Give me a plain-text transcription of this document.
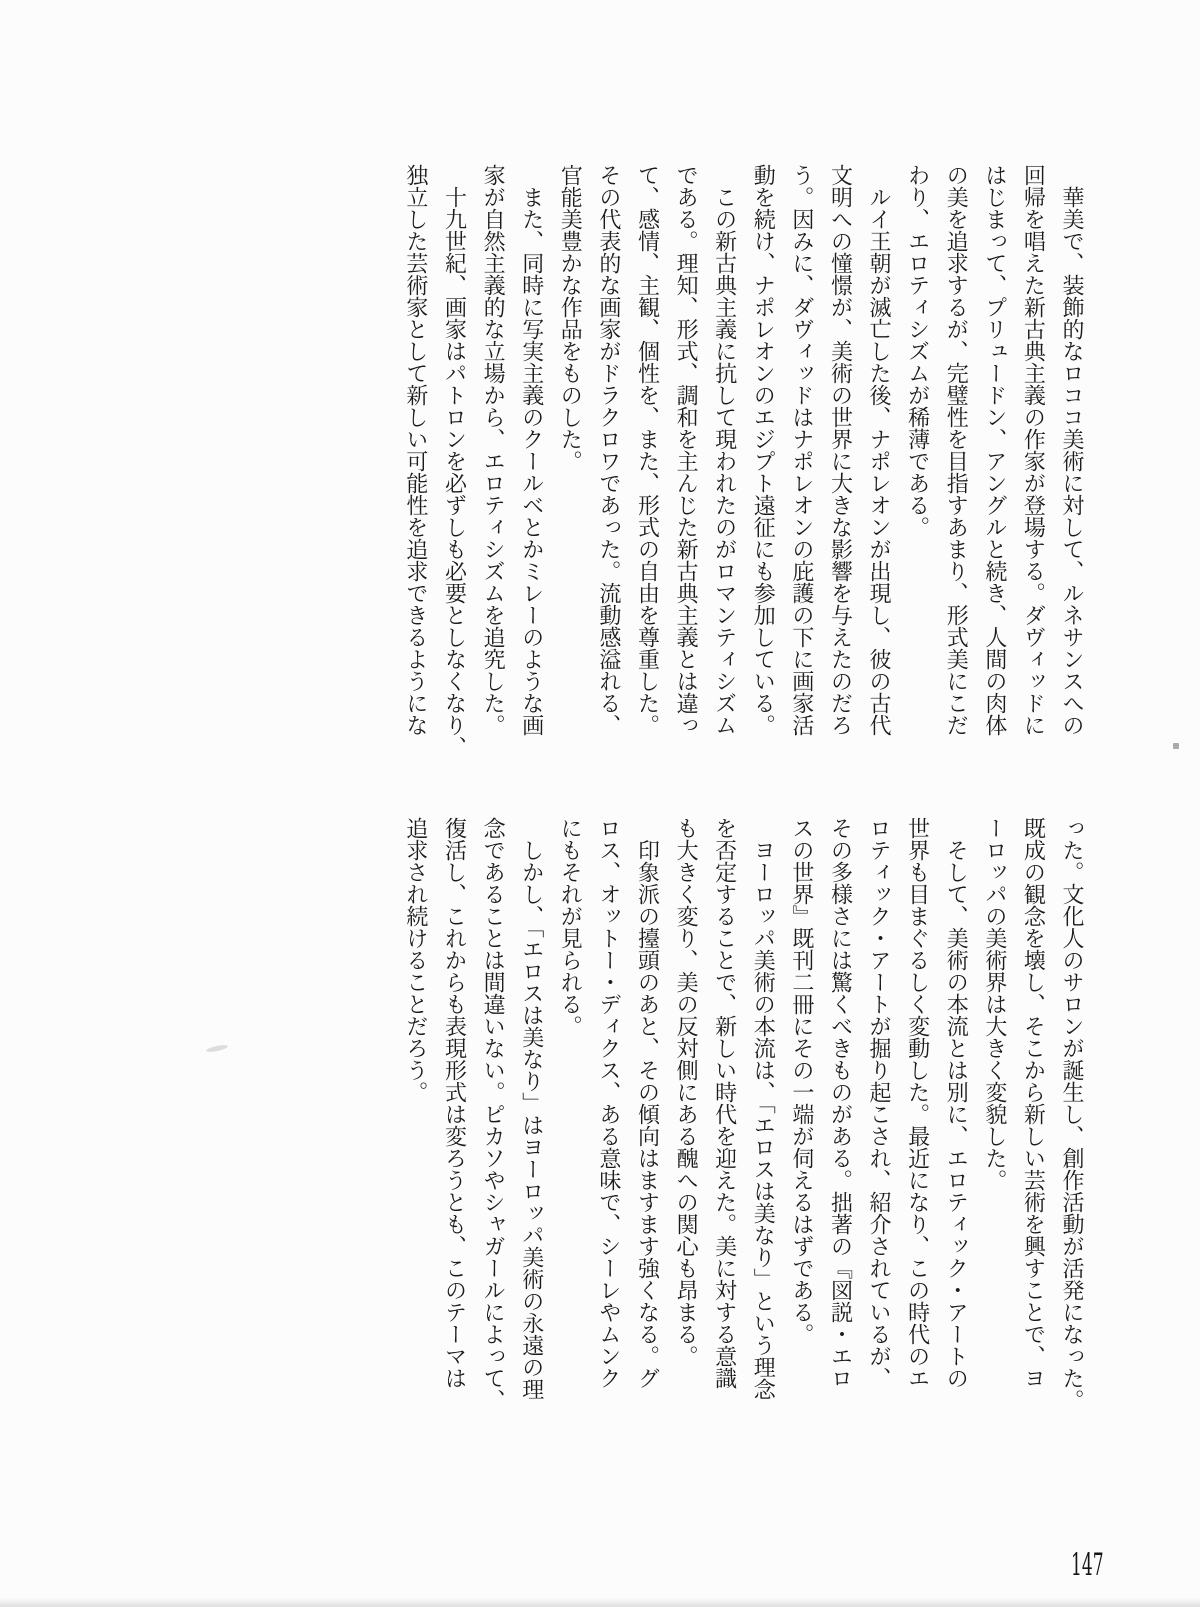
　華美で、装飾的なロココ美術に対して、ルネサンスへの
回帰を唱えた新古典主義の作家が登場する。ダヴィッドに
はじまって、プリュードン、アングルと続き、人間の肉体
の美を追求するが、完璧性を目指すあまり、形式美にこだ
わり、エロティシズムが稀薄である。
　ルイ王朝が滅亡した後、ナポレオンが出現し、彼の古代
文明への憧憬が、美術の世界に大きな影響を与えたのだろ
う。因みに、ダヴィッドはナポレオンの庇護の下に画家活
動を続け、ナポレオンのエジプト遠征にも参加している。
　この新古典主義に抗して現われたのがロマンティシズム
である。理知、形式、調和を主んじた新古典主義とは違っ
て、感情、主観、個性を、また、形式の自由を尊重した。
その代表的な画家がドラクロワであった。流動感溢れる、
官能美豊かな作品をものした。
　また、同時に写実主義のクールベとかミレーのような画
家が自然主義的な立場から、エロティシズムを追究した。
　十九世紀、画家はパトロンを必ずしも必要としなくなり、
独立した芸術家として新しい可能性を追求できるようにな
った。文化人のサロンが誕生し、創作活動が活発になった。
既成の観念を壊し、そこから新しい芸術を興すことで、ヨ
ーロッパの美術界は大きく変貌した。
　そして、美術の本流とは別に、エロティック・アートの
世界も目まぐるしく変動した。最近になり、この時代のエ
ロティック・アートが掘り起こされ、紹介されているが、
その多様さには驚くべきものがある。拙著の『図説・エロ
スの世界』既刊二冊にその一端が伺えるはずである。
　ヨーロッパ美術の本流は、「エロスは美なり」という理念
を否定することで、新しい時代を迎えた。美に対する意識
も大きく変り、美の反対側にある醜への関心も昂まる。
　印象派の擡頭のあと、その傾向はますます強くなる。グ
ロス、オットー・ディクス、ある意味で、シーレやムンク
にもそれが見られる。
　しかし、「エロスは美なり」はヨーロッパ美術の永遠の理
念であることは間違いない。ピカソやシャガールによって、
復活し、これからも表現形式は変ろうとも、このテーマは
追求され続けることだろう。
147
